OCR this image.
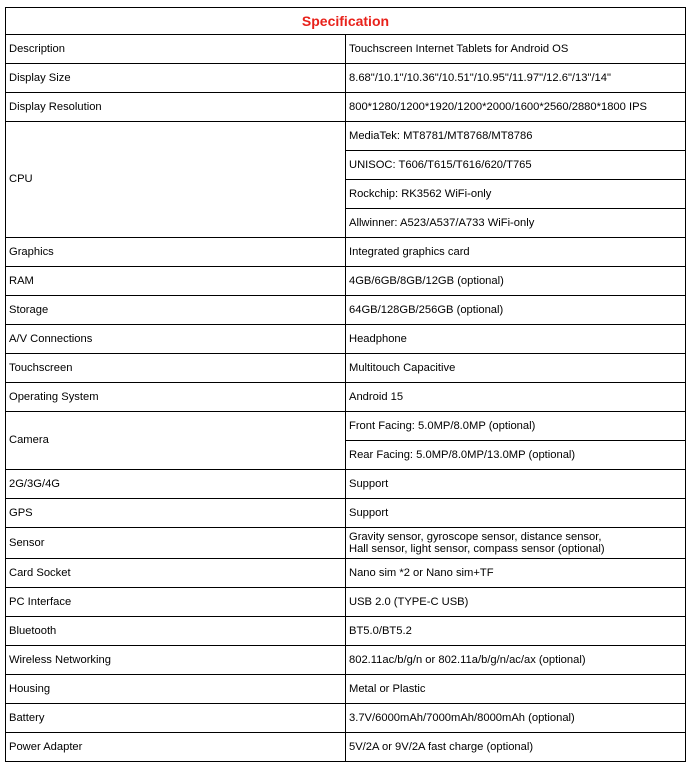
Specification	
Description	Touchscreen Internet Tablets for Android OS
Display Size	8.68"/10.1"/10.36"/10.51"/10.95"/11.97"/12.6"/13"/14"
Display Resolution	800*1280/1200*1920/1200*2000/1600*2560/2880*1800 IPS
CPU	MediaTek: MT8781/MT8768/MT8786
	UNISOC: T606/T615/T616/620/T765
	Rockchip: RK3562 WiFi-only
	Allwinner: A523/A537/A733 WiFi-only
Graphics	Integrated graphics card
RAM	4GB/6GB/8GB/12GB (optional)
Storage	64GB/128GB/256GB (optional)
A/V Connections	Headphone
Touchscreen	Multitouch Capacitive
Operating System	Android 15
Camera	Front Facing: 5.0MP/8.0MP (optional)
	Rear Facing: 5.0MP/8.0MP/13.0MP (optional)
2G/3G/4G	Support
GPS	Support
Sensor	Gravity sensor, gyroscope sensor, distance sensor,
Hall sensor, light sensor, compass sensor (optional)

Card Socket	Nano sim *2 or Nano sim+TF
PC Interface	USB 2.0 (TYPE-C USB)
Bluetooth	BT5.0/BT5.2
Wireless Networking	802.11ac/b/g/n or 802.11a/b/g/n/ac/ax (optional)
Housing	Metal or Plastic
Battery	3.7V/6000mAh/7000mAh/8000mAh (optional)
Power Adapter	5V/2A or 9V/2A fast charge (optional)
